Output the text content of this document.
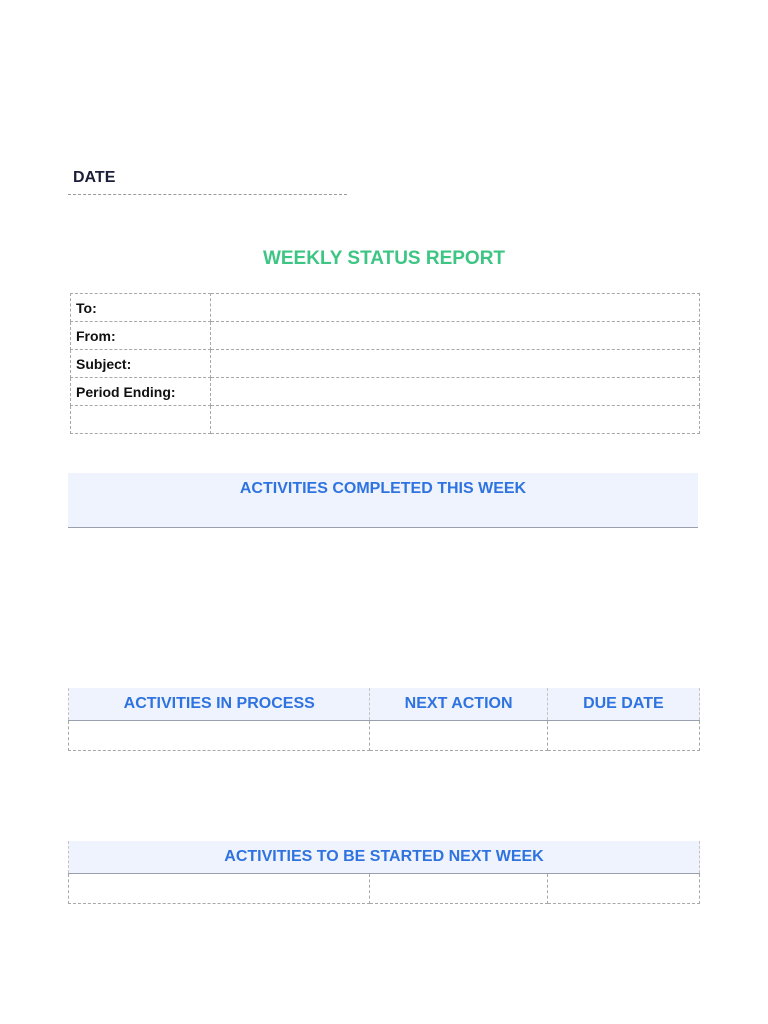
DATE
WEEKLY STATUS REPORT
To:	
From:	
Subject:	
Period Ending:	

ACTIVITIES COMPLETED THIS WEEK
ACTIVITIES IN PROCESS	NEXT ACTION	DUE DATE

ACTIVITIES TO BE STARTED NEXT WEEK
